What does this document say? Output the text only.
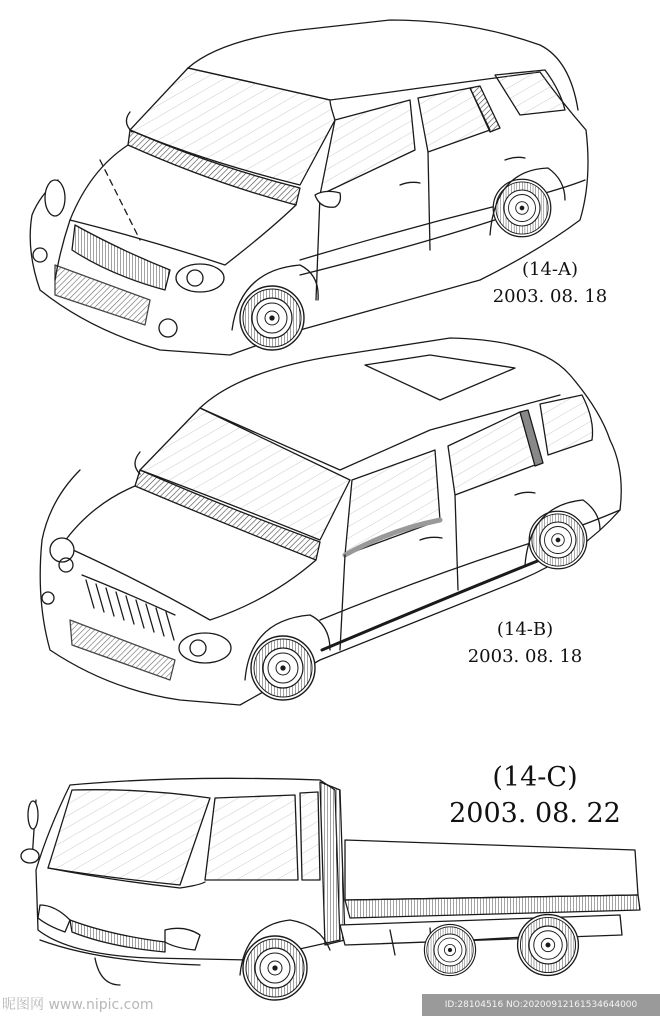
(14-A)
2003. 08. 18
(14-B)
2003. 08. 18
(14-C)
2003. 08. 22
昵图网 www.nipic.com	ID:28104516 NO:20200912161534644000
